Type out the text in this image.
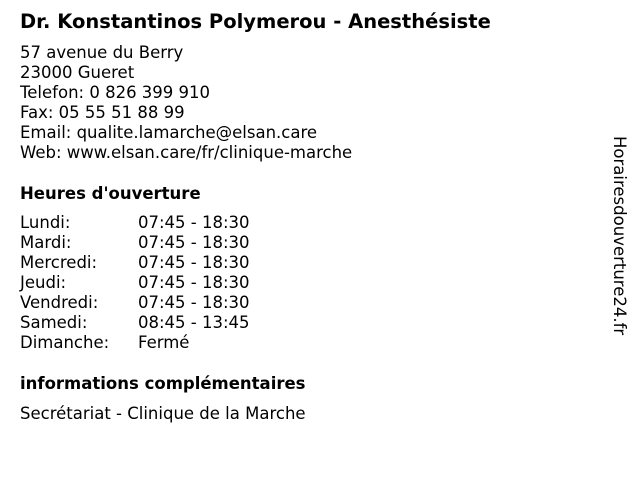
Dr. Konstantinos Polymerou - Anesthésiste
57 avenue du Berry
23000 Gueret
Telefon: 0 826 399 910
Fax: 05 55 51 88 99
Email: qualite.lamarche@elsan.care
Web: www.elsan.care/fr/clinique-marche
Heures d'ouverture
Lundi:	07:45 - 18:30
Mardi:	07:45 - 18:30
Mercredi: 07:45 - 18:30
Jeudi:	07:45 - 18:30
Vendredi: 07:45 - 18:30
Samedi:	08:45 - 13:45
Dimanche: Fermé
informations complémentaires
Secrétariat - Clinique de la Marche
Horairesdouverture24.fr
